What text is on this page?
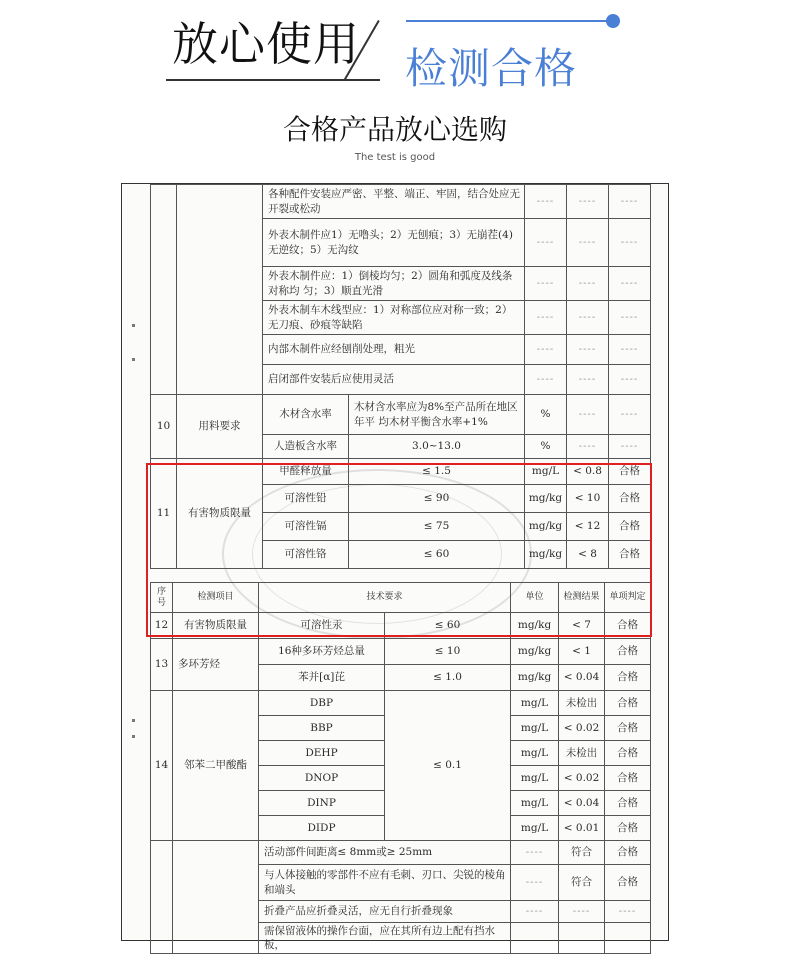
放心使用 检测合格
合格产品放心选购
The test is good
		各种配件安装应严密、平整、端正、牢固，结合处应无开裂或松动		----	----	----
		外表木制件应1）无噜头；2）无刨痕；3）无崩茬(4)无逆纹；5）无沟纹		----	----	----
		外表木制件应：1）倒棱均匀；2）圆角和弧度及线条对称均 匀；3）顺直光滑		----	----	----
		外表木制车木线型应：1）对称部位应对称一致；2）无刀痕、砂痕等缺陷		----	----	----
		内部木制件应经刨削处理，粗光		----	----	----
		启闭部件安装后应使用灵活		----	----	----
10	用料要求	木材含水率	木材含水率应为8%至产品所在地区年平 均木材平衡含水率+1%	%	----	----
		人造板含水率	3.0~13.0	%	----	----
11	有害物质限量	甲醛释放量	≤ 1.5	mg/L	< 0.8	合格
		可溶性铅	≤ 90	mg/kg	< 10	合格
		可溶性镉	≤ 75	mg/kg	< 12	合格
		可溶性铬	≤ 60	mg/kg	< 8	合格
序号	检测项目	技术要求		单位	检测结果	单项判定
12	有害物质限量	可溶性汞	≤ 60	mg/kg	< 7	合格
13	多环芳烃	16种多环芳烃总量	≤ 10	mg/kg	< 1	合格
		苯并[α]芘	≤ 1.0	mg/kg	< 0.04	合格
14	邻苯二甲酸酯	DBP	≤ 0.1	mg/L	未检出	合格
		BBP		mg/L	< 0.02	合格
		DEHP		mg/L	未检出	合格
		DNOP		mg/L	< 0.02	合格
		DINP		mg/L	< 0.04	合格
		DIDP		mg/L	< 0.01	合格
		活动部件间距离≤ 8mm或≥ 25mm		----	符合	合格
		与人体接触的零部件不应有毛刺、刃口、尖锐的棱角和端头		----	符合	合格
		折叠产品应折叠灵活，应无自行折叠现象		----	----	----
		需保留液体的操作台面，应在其所有边上配有挡水板，				
